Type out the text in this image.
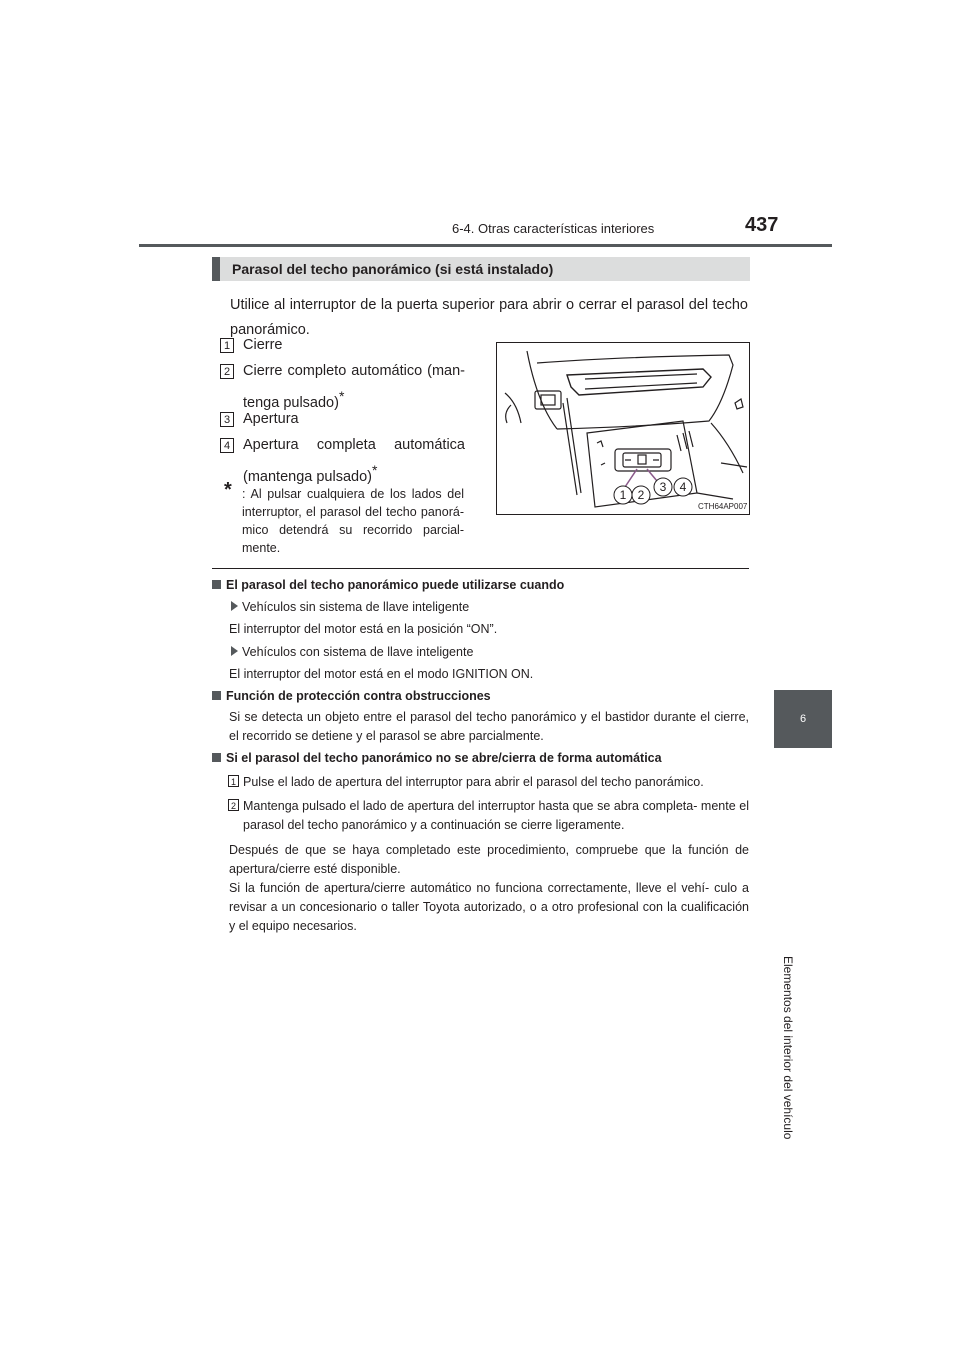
6-4. Otras características interiores	437
6
Elementos del interior del vehículo
Parasol del techo panorámico (si está instalado)
Utilice al interruptor de la puerta superior para abrir o cerrar el parasol del techo panorámico.
1 Cierre
2 Cierre completo automático (man- tenga pulsado)*
3 Apertura
4 Apertura completa automática (mantenga pulsado)*
* : Al pulsar cualquiera de los lados del interruptor, el parasol del techo panorá- mico detendrá su recorrido parcial- mente.
1 2
3 4
CTH64AP007
El parasol del techo panorámico puede utilizarse cuando
Vehículos sin sistema de llave inteligente
El interruptor del motor está en la posición “ON”.
Vehículos con sistema de llave inteligente
El interruptor del motor está en el modo IGNITION ON.
Función de protección contra obstrucciones
Si se detecta un objeto entre el parasol del techo panorámico y el bastidor durante el cierre, el recorrido se detiene y el parasol se abre parcialmente.
Si el parasol del techo panorámico no se abre/cierra de forma automática
1 Pulse el lado de apertura del interruptor para abrir el parasol del techo panorámico.
2 Mantenga pulsado el lado de apertura del interruptor hasta que se abra completa- mente el parasol del techo panorámico y a continuación se cierre ligeramente.
Después de que se haya completado este procedimiento, compruebe que la función de apertura/cierre esté disponible.
Si la función de apertura/cierre automático no funciona correctamente, lleve el vehí- culo a revisar a un concesionario o taller Toyota autorizado, o a otro profesional con la cualificación y el equipo necesarios.
